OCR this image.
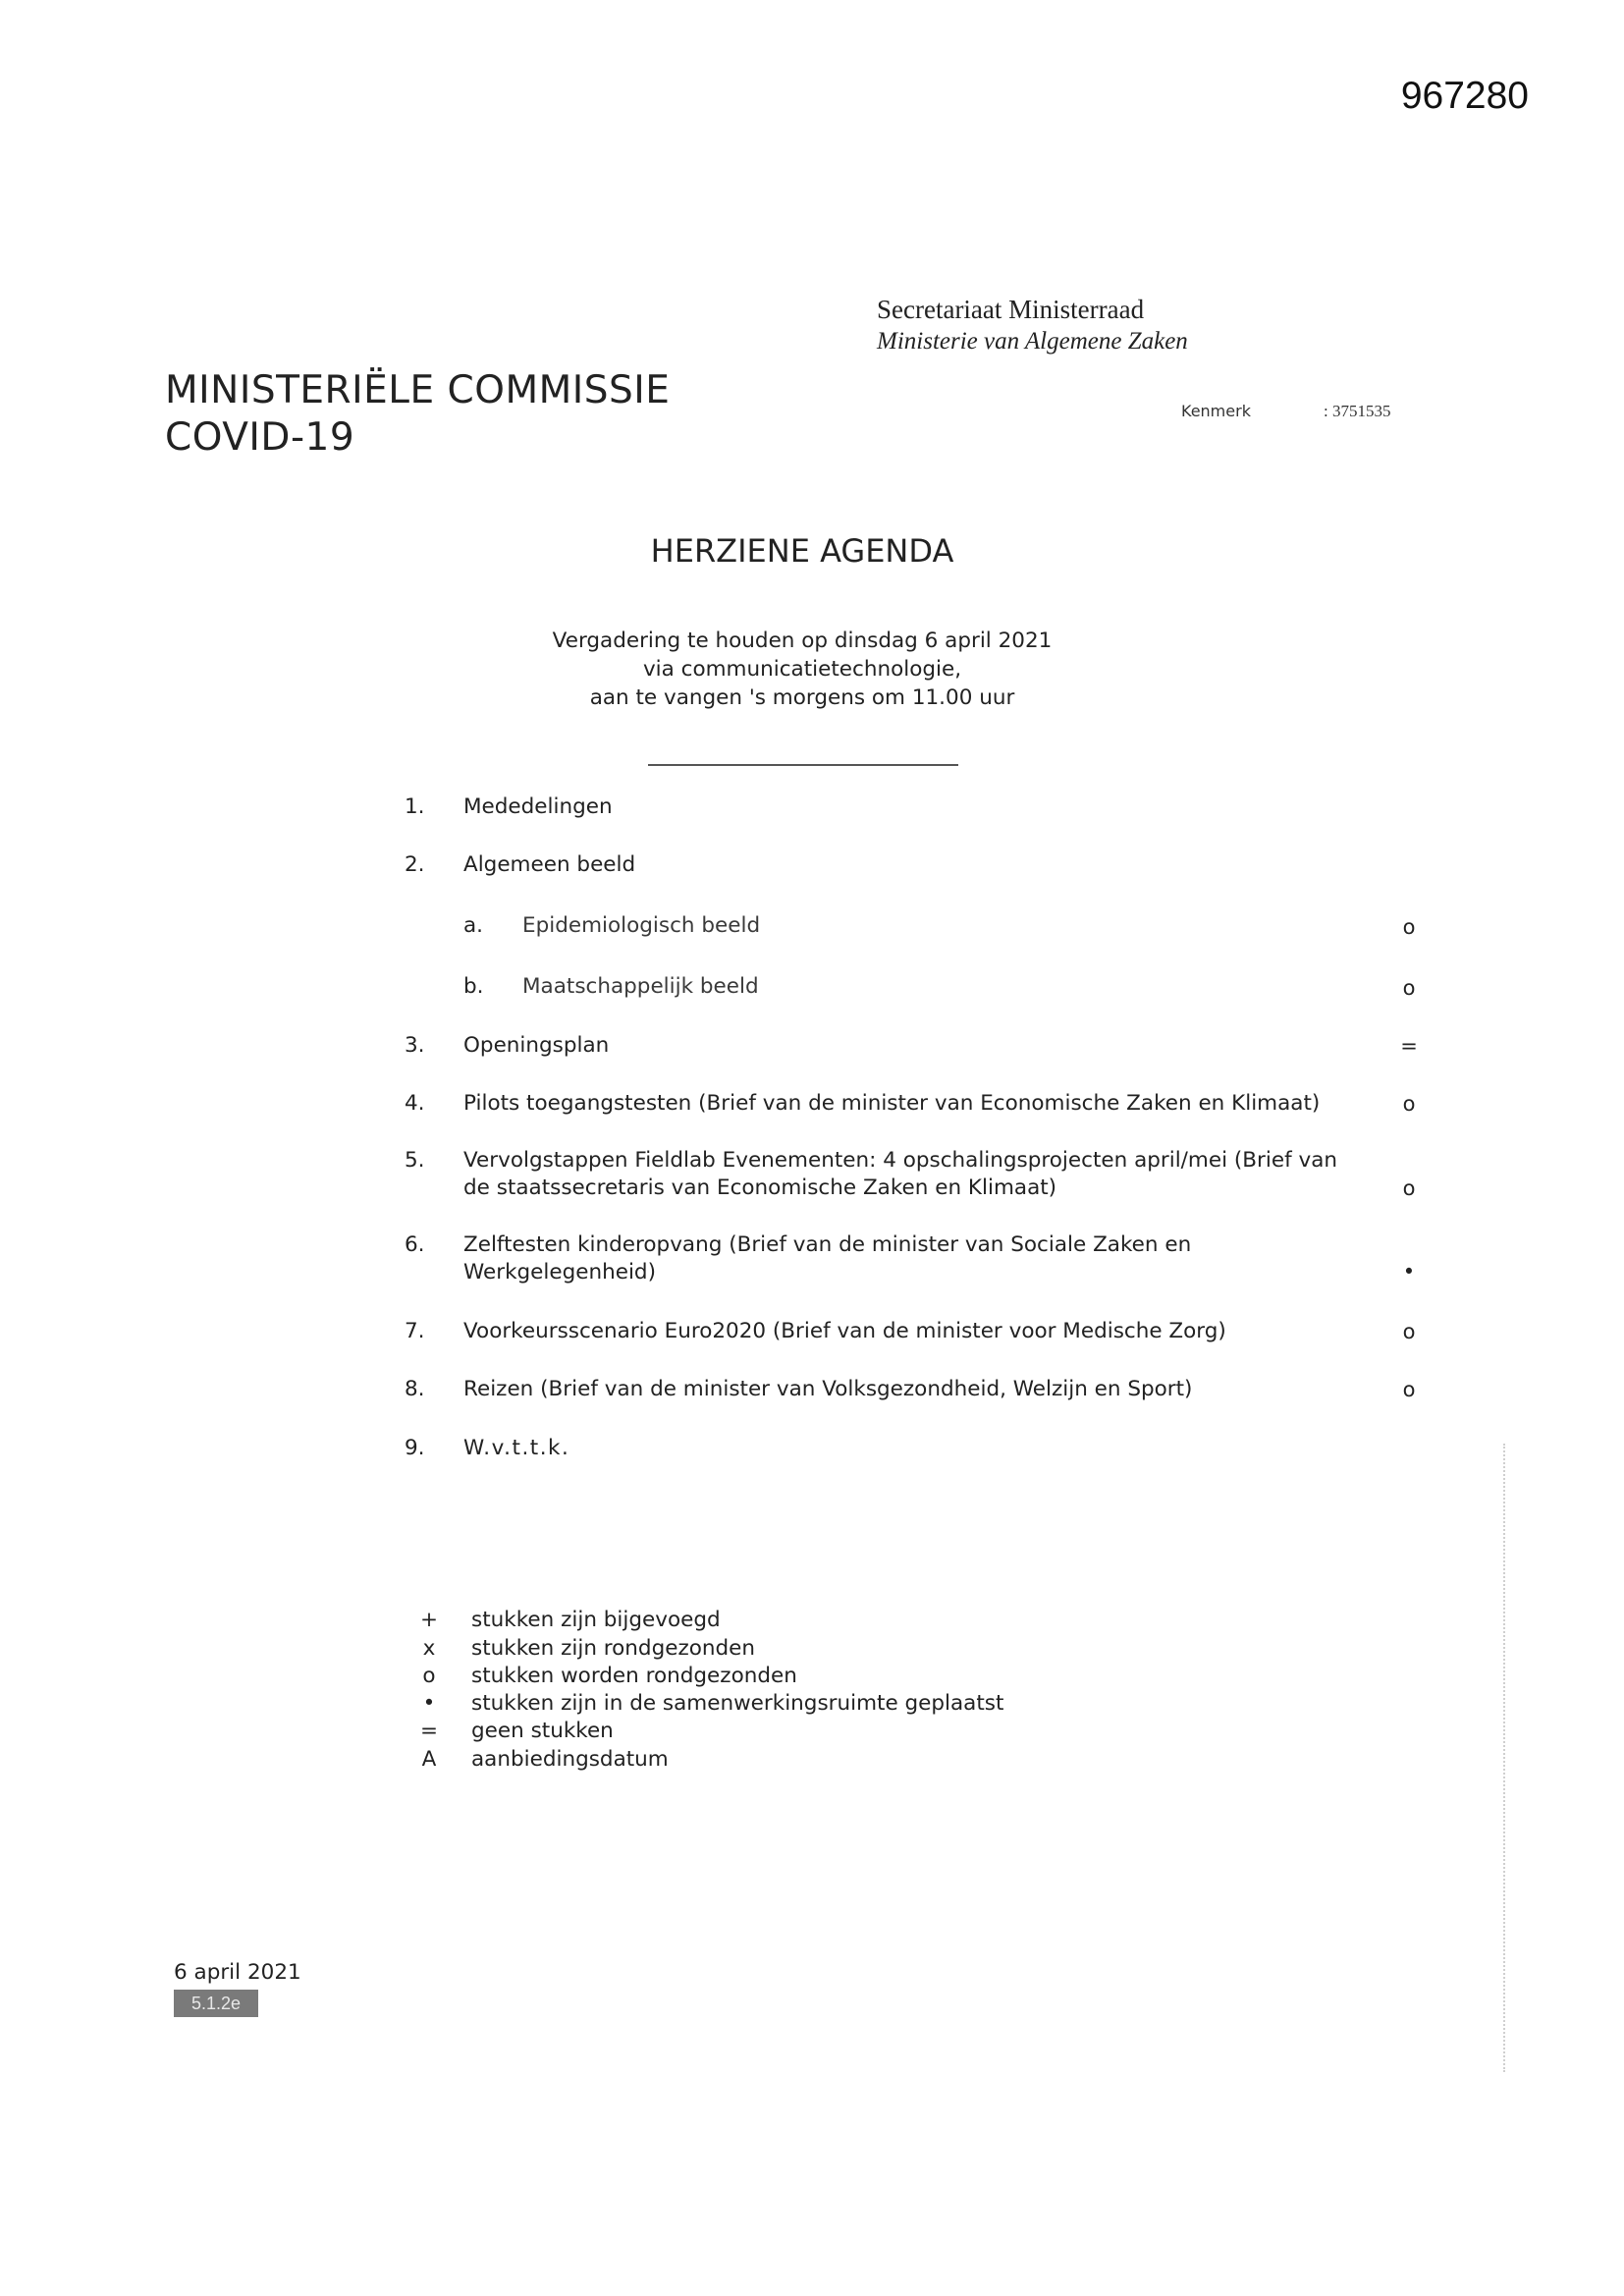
967280
Secretariaat Ministerraad
Ministerie van Algemene Zaken
MINISTERIËLE COMMISSIE
COVID-19
Kenmerk	: 3751535
HERZIENE AGENDA
Vergadering te houden op dinsdag 6 april 2021
via communicatietechnologie,
aan te vangen 's morgens om 11.00 uur
1. Mededelingen
2. Algemeen beeld
a. Epidemiologisch beeld	o
b. Maatschappelijk beeld	o
3. Openingsplan	=
4. Pilots toegangstesten (Brief van de minister van Economische Zaken en Klimaat)	o
5. Vervolgstappen Fieldlab Evenementen: 4 opschalingsprojecten april/mei (Brief van de staatssecretaris van Economische Zaken en Klimaat)	o
6. Zelftesten kinderopvang (Brief van de minister van Sociale Zaken en Werkgelegenheid)	•
7. Voorkeursscenario Euro2020 (Brief van de minister voor Medische Zorg)	o
8. Reizen (Brief van de minister van Volksgezondheid, Welzijn en Sport)	o
9. W.v.t.t.k.
+ stukken zijn bijgevoegd
x stukken zijn rondgezonden
o stukken worden rondgezonden
• stukken zijn in de samenwerkingsruimte geplaatst
= geen stukken
A aanbiedingsdatum
6 april 2021
5.1.2e
